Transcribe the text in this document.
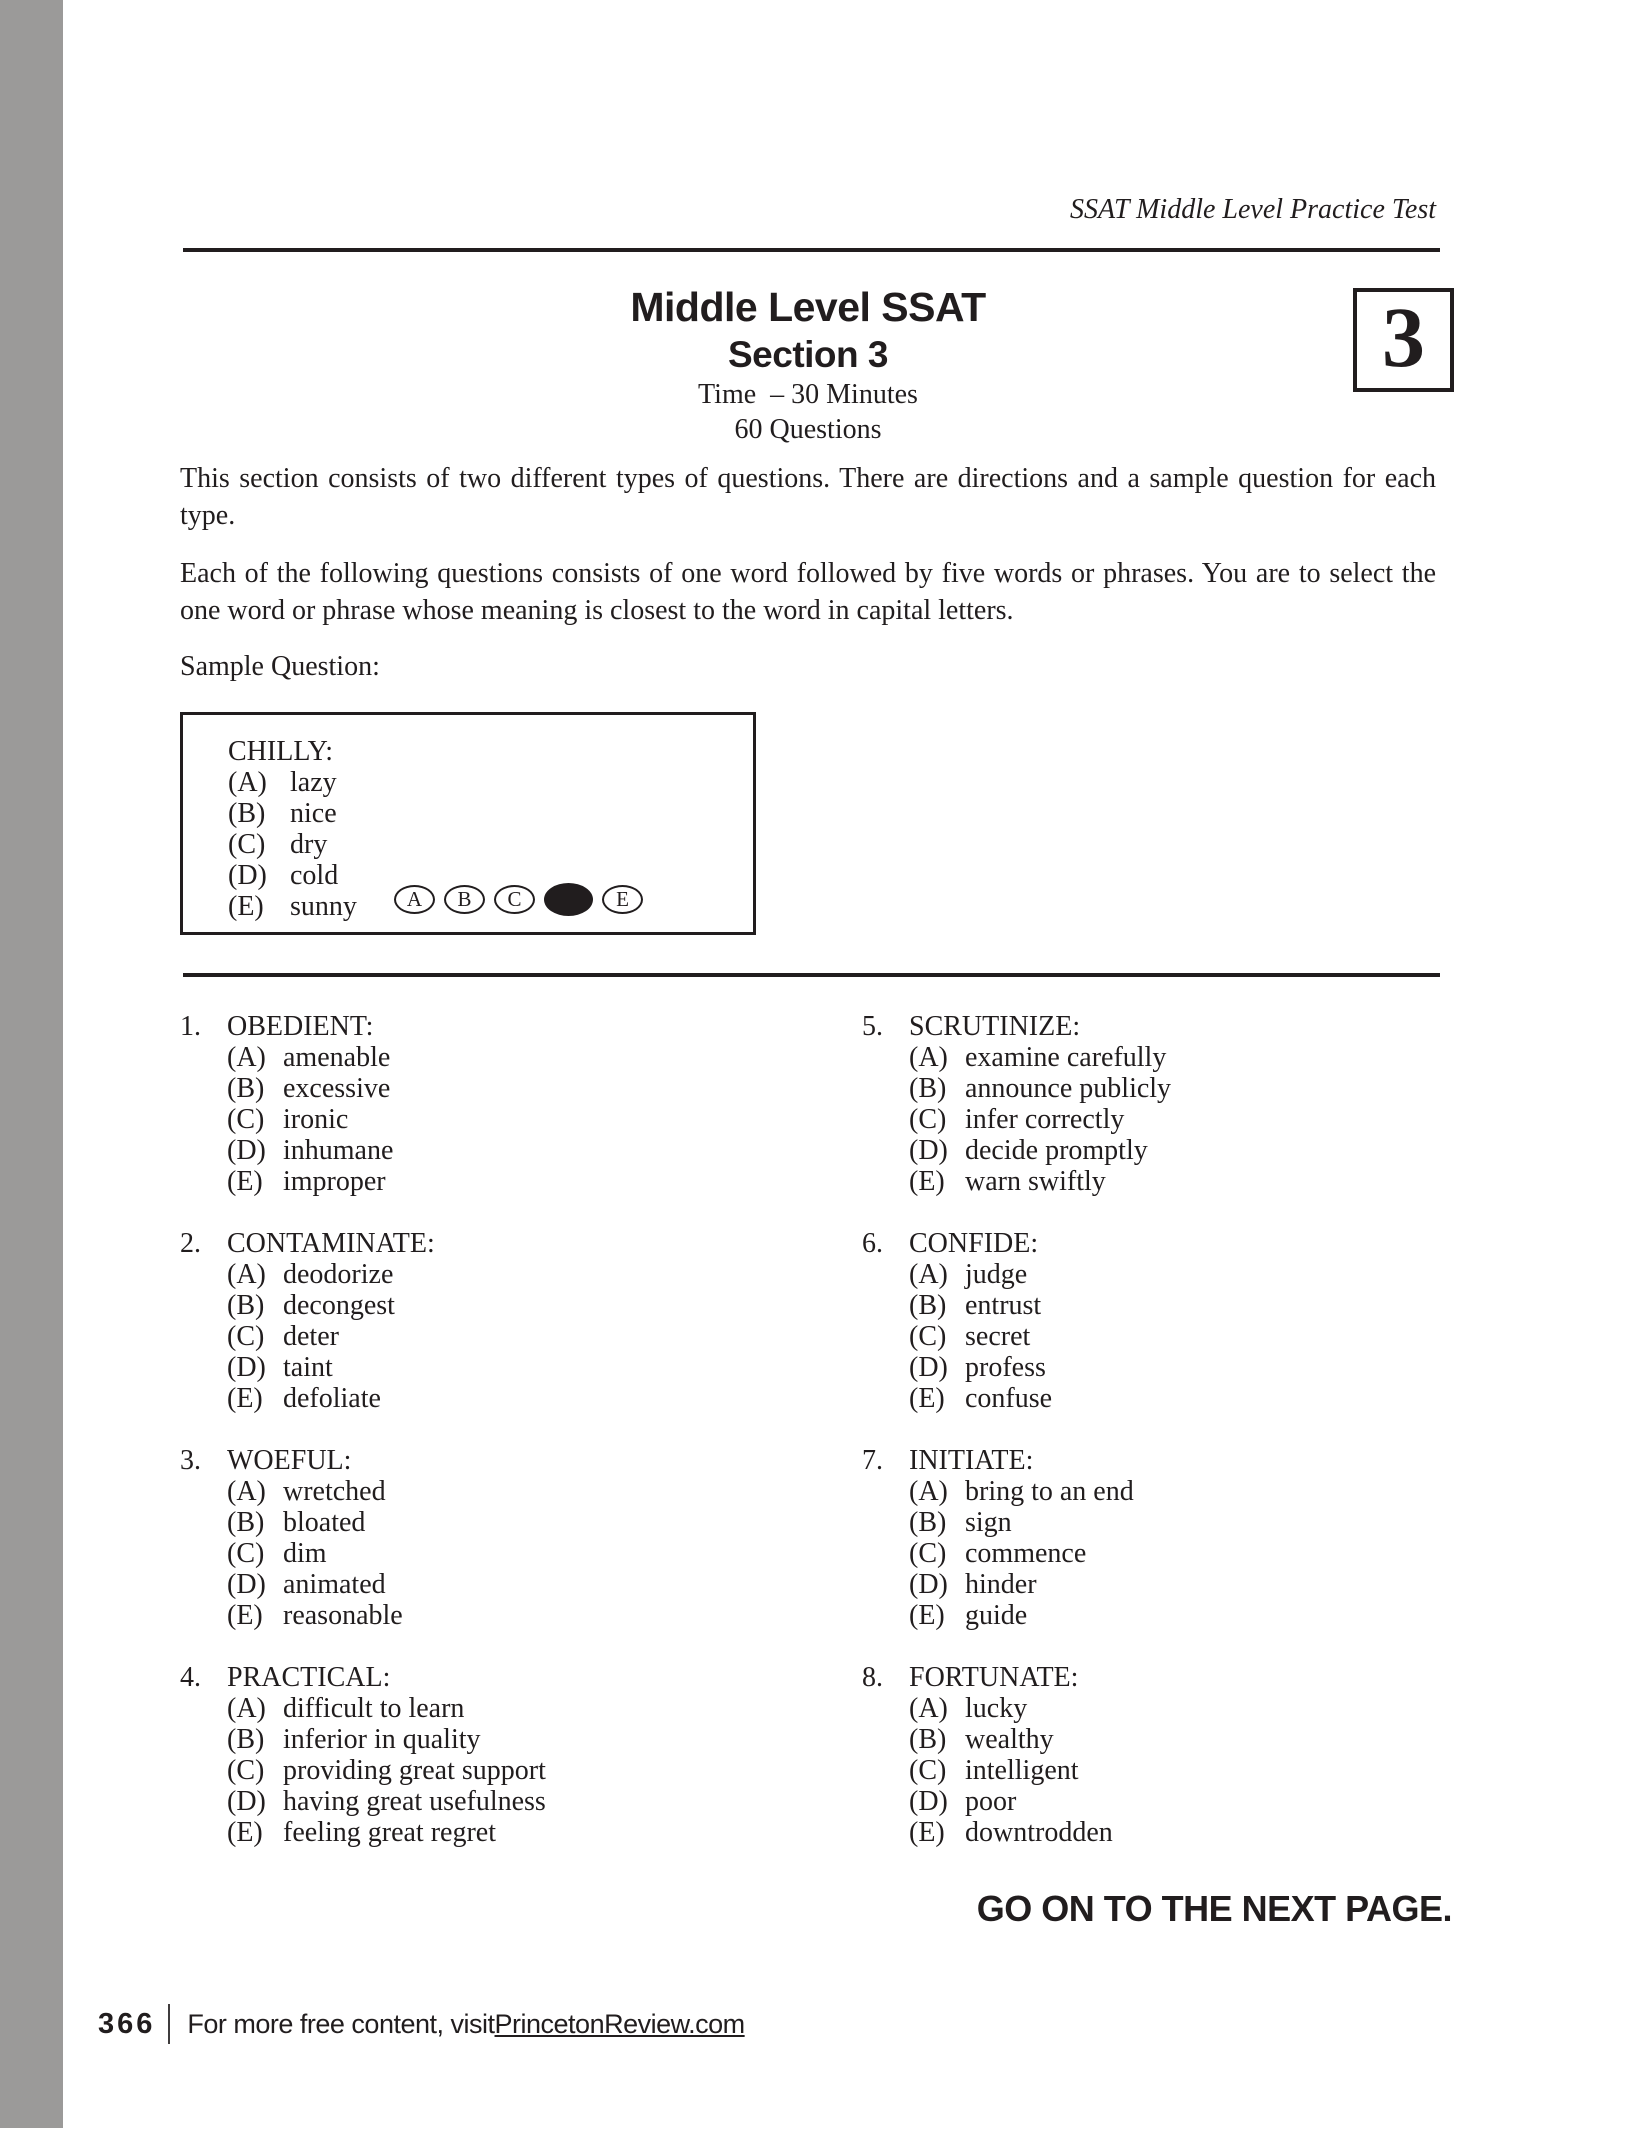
SSAT Middle Level Practice Test
3
Middle Level SSAT
Section 3
Time  – 30 Minutes
60 Questions

This section consists of two different types of questions. There are directions and a sample question for each type.

Each of the following questions consists of one word followed by five words or phrases. You are to select the one word or phrase whose meaning is closest to the word in capital letters.

Sample Question:
CHILLY:
(A) lazy
(B) nice
(C) dry
(D) cold
(E) sunny	A	B	C	E
1. OBEDIENT:
(A) amenable
(B) excessive
(C) ironic
(D) inhumane
(E) improper
2. CONTAMINATE:
(A) deodorize
(B) decongest
(C) deter
(D) taint
(E) defoliate
3. WOEFUL:
(A) wretched
(B) bloated
(C) dim
(D) animated
(E) reasonable
4. PRACTICAL:
(A) difficult to learn
(B) inferior in quality
(C) providing great support
(D) having great usefulness
(E) feeling great regret
5. SCRUTINIZE:
(A) examine carefully
(B) announce publicly
(C) infer correctly
(D) decide promptly
(E) warn swiftly
6. CONFIDE:
(A) judge
(B) entrust
(C) secret
(D) profess
(E) confuse
7. INITIATE:
(A) bring to an end
(B) sign
(C) commence
(D) hinder
(E) guide
8. FORTUNATE:
(A) lucky
(B) wealthy
(C) intelligent
(D) poor
(E) downtrodden
GO ON TO THE NEXT PAGE.
366 For more free content, visit PrincetonReview.com
